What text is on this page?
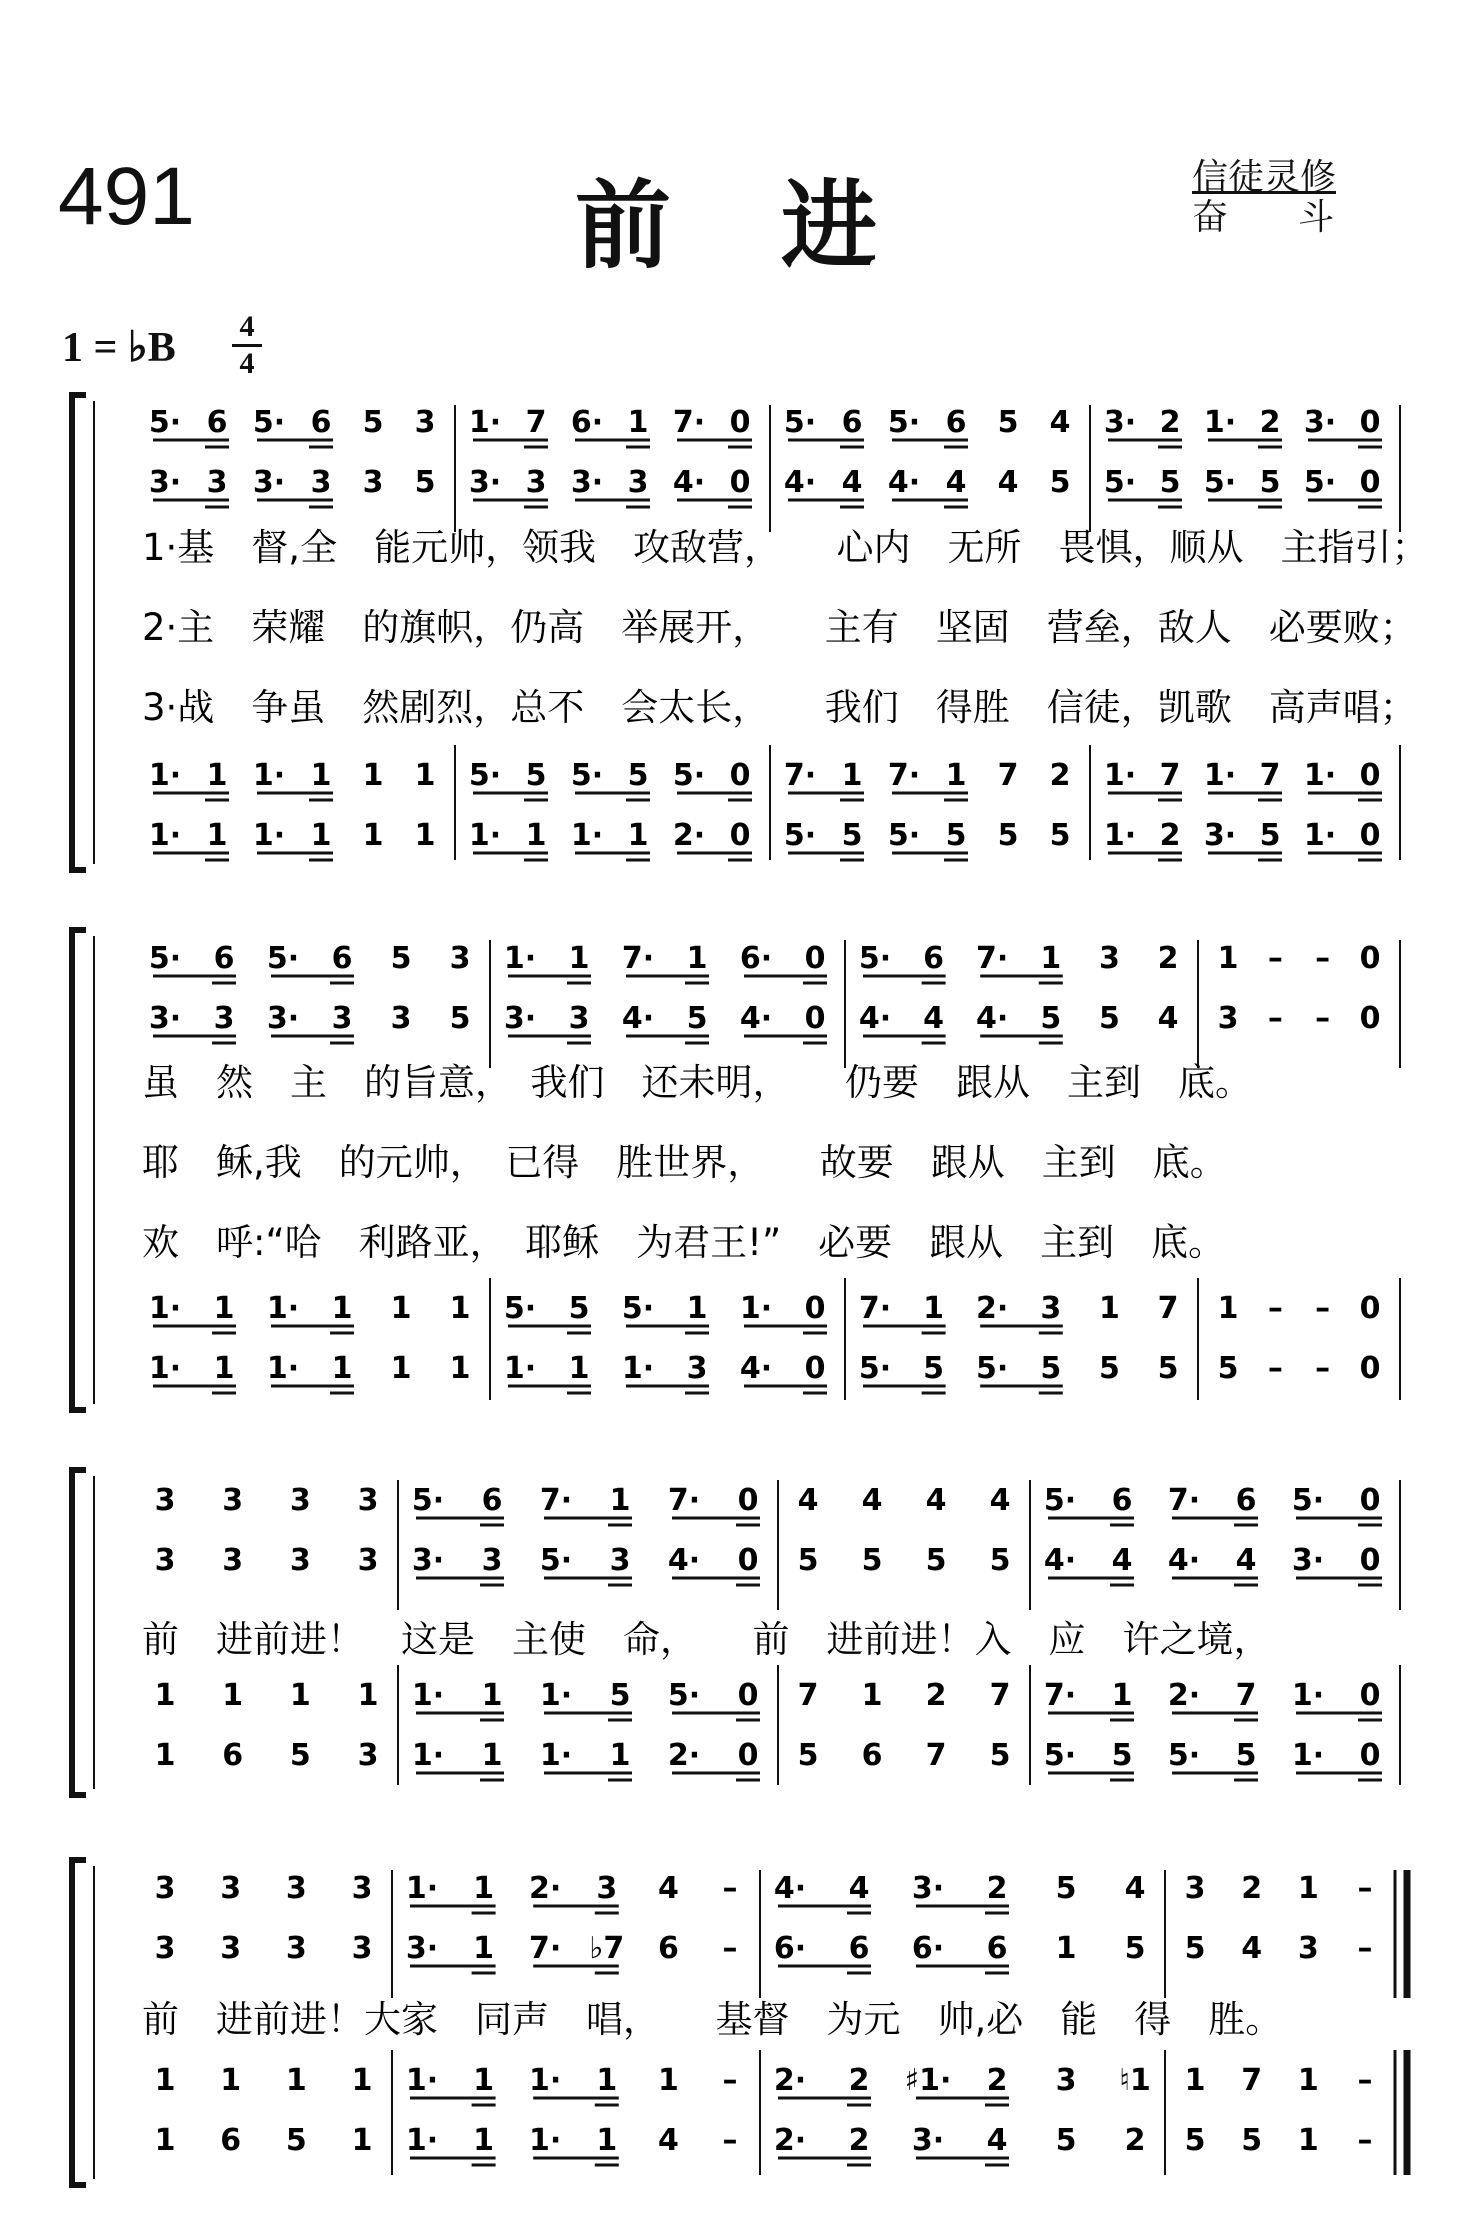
491	前进	信徒灵修
奋斗
1 = ♭B 4
4
5· 6 5· 6 5 3
3· 3 3· 3 3 5
1· 1 1· 1 1 1
1· 1 1· 1 1 1
1· 7 6· 1 7· 0
3· 3 3· 3 4· 0
5· 5 5· 5 5· 0
1· 1 1· 1 2· 0
5· 6 5· 6 5 4
4· 4 4· 4 4 5
7· 1 7· 1 7 2
5· 5 5· 5 5 5
3· 2 1· 2 3· 0
5· 5 5· 5 5· 0
1· 7 1· 7 1· 0
1· 2 3· 5 1· 0
1·基　督,全　能元帅，领我　攻敌营，　　心内　无所　畏惧，顺从　主指引；
2·主　荣耀　的旗帜，仍高　举展开，　　主有　坚固　营垒，敌人　必要败；
3·战　争虽　然剧烈，总不　会太长，　　我们　得胜　信徒，凯歌　高声唱；
5· 6 5· 6 5 3
3· 3 3· 3 3 5
1· 1 1· 1 1 1
1· 1 1· 1 1 1
1· 1 7· 1 6· 0
3· 3 4· 5 4· 0
5· 5 5· 1 1· 0
1· 1 1· 3 4· 0
5· 6 7· 1 3 2
4· 4 4· 5 5 4
7· 1 2· 3 1 7
5· 5 5· 5 5 5
1 – – 0
3 – – 0
1 – – 0
5 – – 0
虽　然　主　的旨意，　我们　还未明，　　仍要　跟从　主到　底。
耶　稣,我　的元帅，　已得　胜世界，　　故要　跟从　主到　底。
欢　呼:“哈　利路亚，　耶稣　为君王!”　必要　跟从　主到　底。
3 3 3 3
3 3 3 3
1 1 1 1
1 6 5 3
5· 6 7· 1 7· 0
3· 3 5· 3 4· 0
1· 1 1· 5 5· 0
1· 1 1· 1 2· 0
4 4 4 4
5 5 5 5
7 1 2 7
5 6 7 5
5· 6 7· 6 5· 0
4· 4 4· 4 3· 0
7· 1 2· 7 1· 0
5· 5 5· 5 1· 0
前　进前进！　这是　主使　命，　　前　进前进！入　应　许之境，
3 3 3 3
3 3 3 3
1 1 1 1
1 6 5 1
1· 1 2· 3 4 –
3· 1 7· ♭7 6 –
1· 1 1· 1 1 –
1· 1 1· 1 4 –
4· 4 3· 2 5 4
6· 6 6· 6 1 5
2· 2 ♯1· 2 3 ♮1
2· 2 3· 4 5 2
3 2 1 –
5 4 3 –
1 7 1 –
5 5 1 –
前　进前进！大家　同声　唱，　　基督　为元　帅,必　能　得　胜。
